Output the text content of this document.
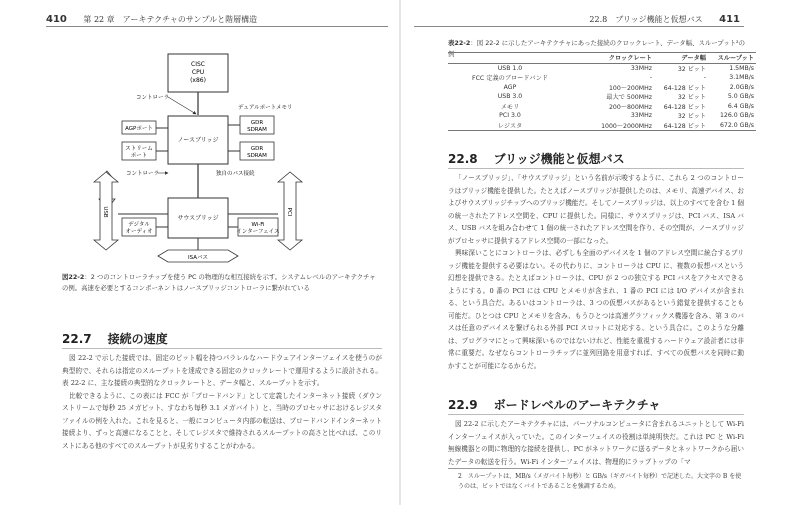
410 第 22 章　アーキテクチャのサンプルと階層構造
CISC
CPU
(x86)
コントローラ
デュアルポートメモリ
ノースブリッジ
AGPポート
ストリーム
ポート
GDR
SDRAM
GDR
SDRAM
コントローラ	独自のバス接続
USB	PCI
サウスブリッジ
デジタル
オーディオ
Wi-Fi
インターフェイス
ISAバス
図22-2：2 つのコントローラチップを使う PC の物理的な相互接続を示す。システムレベルのアーキテクチャの例。高速を必要とするコンポーネントはノースブリッジコントローラに繋がれている
22.7 接続の速度

図 22-2 で示した接続では、固定のビット幅を持つパラレルなハードウェアインターフェイスを使うのが典型的で、それらは指定のスループットを達成できる固定のクロックレートで運用するように設計される。表 22-2 に、主な接続の典型的なクロックレートと、データ幅と、スループットを示す。

比較できるように、この表には FCC が「ブロードバンド」として定義したインターネット接続（ダウンストリームで毎秒 25 メガビット、すなわち毎秒 3.1 メガバイト）と、当時のプロセッサにおけるレジスタファイルの例を入れた。これを見ると、一般にコンピュータ内部の転送は、ブロードバンドインターネット接続より、ずっと高速になることと、そしてレジスタで維持されるスループットの高さと比べれば、このリストにある他のすべてのスループットが見劣りすることがわかる。

22.8　ブリッジ機能と仮想バス 411
表22-2：図 22-2 に示したアーキテクチャにあった接続のクロックレート、データ幅、スループット²の例
	クロックレート	データ幅	スループット
USB 1.0	33MHz	32 ビット	1.5MB/s
FCC 定義のブロードバンド	-	-	3.1MB/s
AGP	100〜200MHz	64-128 ビット	2.0GB/s
USB 3.0	最大で 500MHz	32 ビット	5.0 GB/s
メモリ	200〜800MHz	64-128 ビット	6.4 GB/s
PCI 3.0	33MHz	32 ビット	126.0 GB/s
レジスタ	1000〜2000MHz	64-128 ビット	672.0 GB/s
22.8 ブリッジ機能と仮想バス

「ノースブリッジ」、「サウスブリッジ」という名前が示唆するように、これら 2 つのコントローラはブリッジ機能を提供した。たとえばノースブリッジが提供したのは、メモリ、高速デバイス、およびサウスブリッジチップへのブリッジ機能だ。そしてノースブリッジは、以上のすべてを含む 1 個の統一されたアドレス空間を、CPU に提供した。同様に、サウスブリッジは、PCI バス、ISA バス、USB バスを組み合わせて 1 個の統一されたアドレス空間を作り、その空間が、ノースブリッジがプロセッサに提供するアドレス空間の一部になった。

興味深いことにコントローラは、必ずしも全面のデバイスを 1 個のアドレス空間に統合するブリッジ機能を提供する必要はない。その代わりに、コントローラは CPU に、複数の仮想バスという幻想を提供できる。たとえばコントローラは、CPU が 2 つの独立する PCI バスをアクセスできるようにする。0 番の PCI には CPU とメモリが含まれ、1 番の PCI には I/O デバイスが含まれる、という具合だ。あるいはコントローラは、3 つの仮想バスがあるという錯覚を提供することも可能だ。ひとつは CPU とメモリを含み、もうひとつは高速グラフィックス機器を含み、第 3 のバスは任意のデバイスを繋げられる外部 PCI スロットに対応する、という具合に。このような分離は、プログラマにとって興味深いものではないけれど、性能を重視するハードウェア設計者には非常に重要だ。なぜならコントローラチップに並列回路を用意すれば、すべての仮想バスを同時に動かすことが可能になるからだ。

22.9 ボードレベルのアーキテクチャ

図 22-2 に示したアーキテクチャには、パーソナルコンピュータに含まれるユニットとして Wi-Fi インターフェイスが入っていた。このインターフェイスの役割は単純明快だ。これは PC と Wi-Fi 無線機器との間に物理的な接続を提供し、PC がネットワークに送るデータとネットワークから届いたデータの転送を行う。Wi-Fi インターフェイスは、物理的にラップトップの「マ

2 スループットは、MB/s（メガバイト毎秒）と GB/s（ギガバイト毎秒）で記述した。大文字の B を使うのは、ビットではなくバイトであることを強調するため。
